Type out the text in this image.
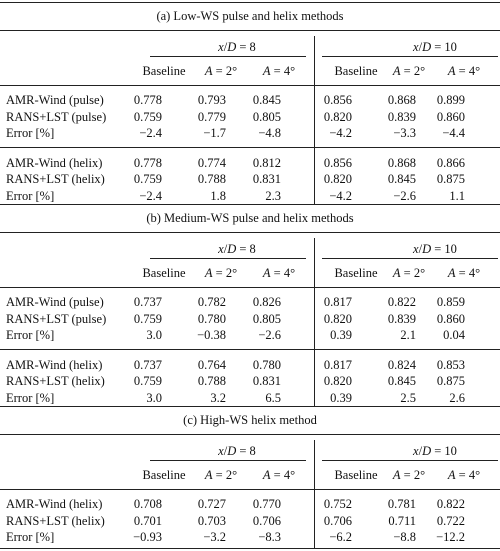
(a) Low-WS pulse and helix methods
x/D = 8	x/D = 10
Baseline	A = 2°	A = 4°	Baseline	A = 2°	A = 4°
AMR-Wind (pulse)	0.778	0.793	0.845	0.856	0.868	0.899
RANS+LST (pulse)	0.759	0.779	0.805	0.820	0.839	0.860
Error [%]	−2.4	−1.7	−4.8	−4.2	−3.3	−4.4
AMR-Wind (helix)	0.778	0.774	0.812	0.856	0.868	0.866
RANS+LST (helix)	0.759	0.788	0.831	0.820	0.845	0.875
Error [%]	−2.4	1.8	2.3	−4.2	−2.6	1.1
(b) Medium-WS pulse and helix methods
x/D = 8	x/D = 10
Baseline	A = 2°	A = 4°	Baseline	A = 2°	A = 4°
AMR-Wind (pulse)	0.737	0.782	0.826	0.817	0.822	0.859
RANS+LST (pulse)	0.759	0.780	0.805	0.820	0.839	0.860
Error [%]	3.0	−0.38	−2.6	0.39	2.1	0.04
AMR-Wind (helix)	0.737	0.764	0.780	0.817	0.824	0.853
RANS+LST (helix)	0.759	0.788	0.831	0.820	0.845	0.875
Error [%]	3.0	3.2	6.5	0.39	2.5	2.6
(c) High-WS helix method
x/D = 8	x/D = 10
Baseline	A = 2°	A = 4°	Baseline	A = 2°	A = 4°
AMR-Wind (helix)	0.708	0.727	0.770	0.752	0.781	0.822
RANS+LST (helix)	0.701	0.703	0.706	0.706	0.711	0.722
Error [%]	−0.93	−3.2	−8.3	−6.2	−8.8	−12.2
